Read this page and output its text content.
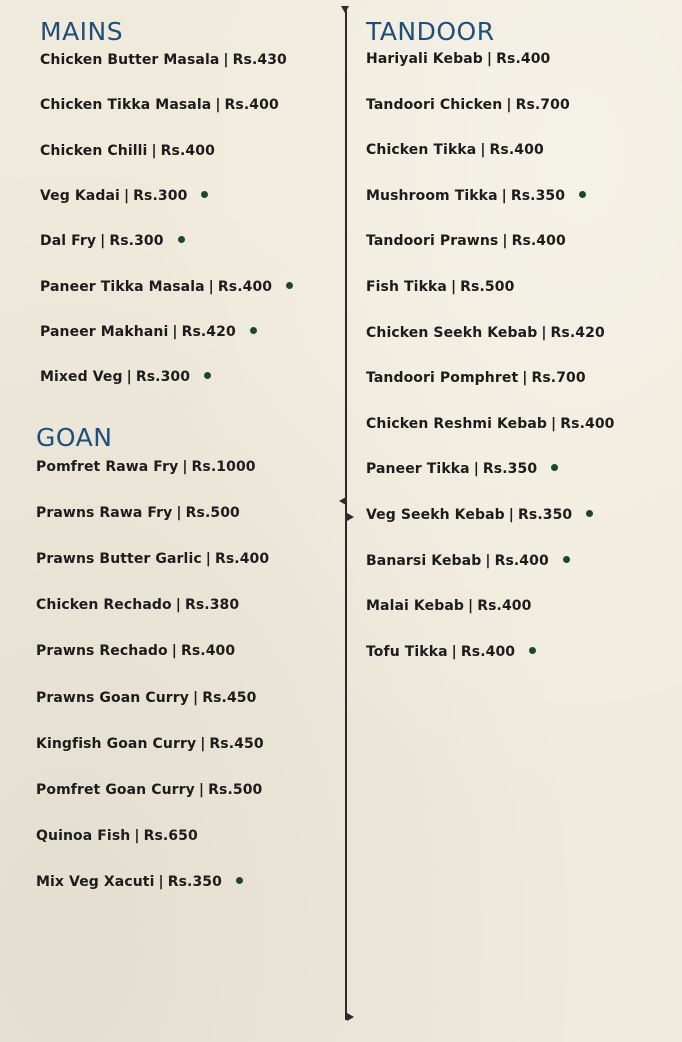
MAINS
Chicken Butter Masala | Rs.430
Chicken Tikka Masala | Rs.400
Chicken Chilli | Rs.400
Veg Kadai | Rs.300
Dal Fry | Rs.300
Paneer Tikka Masala | Rs.400
Paneer Makhani | Rs.420
Mixed Veg | Rs.300
GOAN
Pomfret Rawa Fry | Rs.1000
Prawns Rawa Fry | Rs.500
Prawns Butter Garlic | Rs.400
Chicken Rechado | Rs.380
Prawns Rechado | Rs.400
Prawns Goan Curry | Rs.450
Kingfish Goan Curry | Rs.450
Pomfret Goan Curry | Rs.500
Quinoa Fish | Rs.650
Mix Veg Xacuti | Rs.350
TANDOOR
Hariyali Kebab | Rs.400
Tandoori Chicken | Rs.700
Chicken Tikka | Rs.400
Mushroom Tikka | Rs.350
Tandoori Prawns | Rs.400
Fish Tikka | Rs.500
Chicken Seekh Kebab | Rs.420
Tandoori Pomphret | Rs.700
Chicken Reshmi Kebab | Rs.400
Paneer Tikka | Rs.350
Veg Seekh Kebab | Rs.350
Banarsi Kebab | Rs.400
Malai Kebab | Rs.400
Tofu Tikka | Rs.400
